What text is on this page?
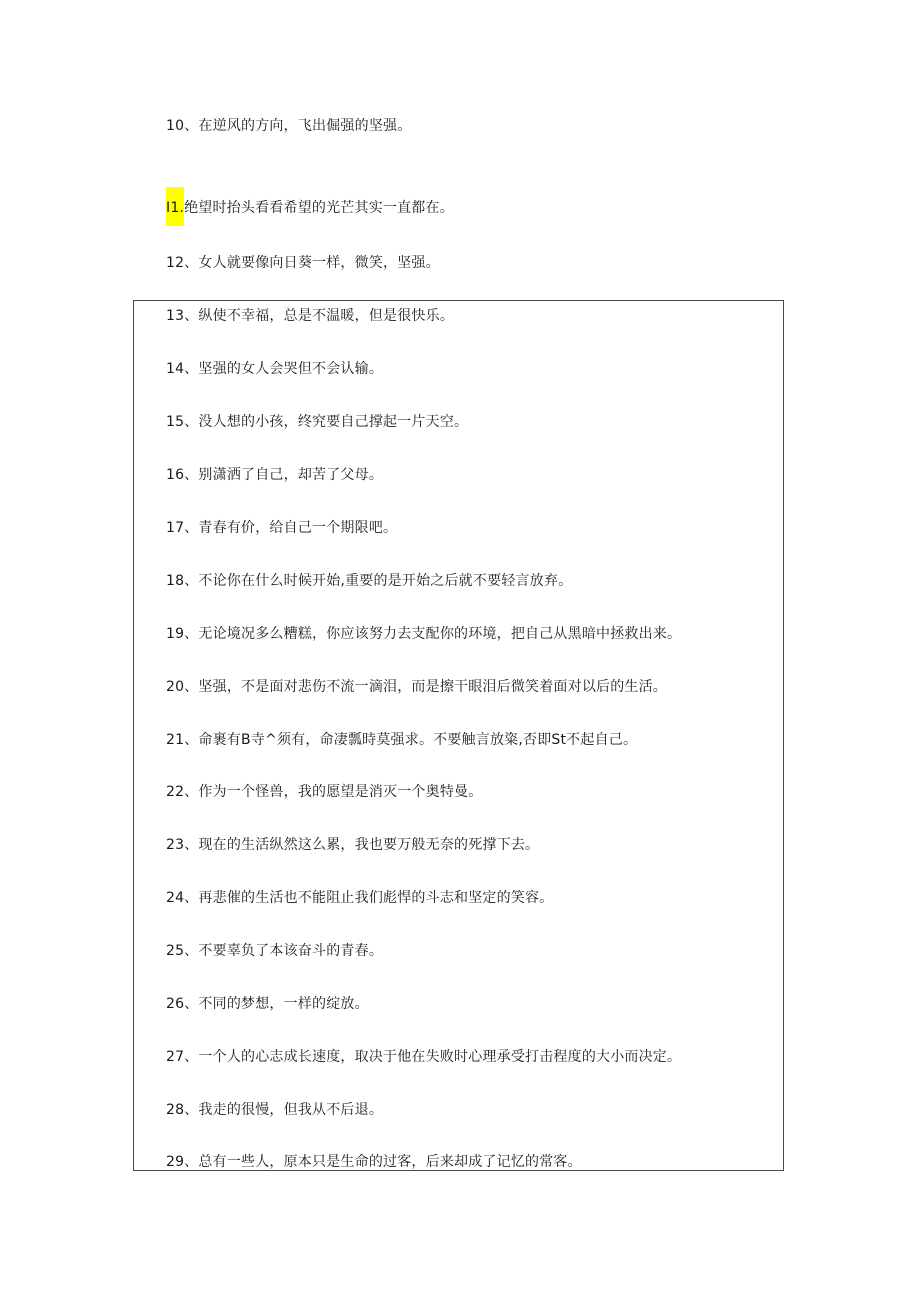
10、在逆风的方向，飞出倔强的坚强。
I1.绝望时抬头看看希望的光芒其实一直都在。
12、女人就要像向日葵一样，微笑，坚强。
13、纵使不幸福，总是不温暖，但是很快乐。
14、坚强的女人会哭但不会认输。
15、没人想的小孩，终究要自己撑起一片天空。
16、别潇洒了自己，却苦了父母。
17、青春有价，给自己一个期限吧。
18、不论你在什么时候开始,重要的是开始之后就不要轻言放弃。
19、无论境况多么糟糕，你应该努力去支配你的环境，把自己从黑暗中拯救出来。
20、坚强，不是面对悲伤不流一滴泪，而是擦干眼泪后微笑着面对以后的生活。
21、命裹有B寺^须有，命凄瓢時莫强求。不要触言放粢,否即St不起自己。
22、作为一个怪兽，我的愿望是消灭一个奥特曼。
23、现在的生活纵然这么累，我也要万般无奈的死撑下去。
24、再悲催的生活也不能阻止我们彪悍的斗志和坚定的笑容。
25、不要辜负了本该奋斗的青春。
26、不同的梦想，一样的绽放。
27、一个人的心志成长速度，取决于他在失败时心理承受打击程度的大小而决定。
28、我走的很慢，但我从不后退。
29、总有一些人，原本只是生命的过客，后来却成了记忆的常客。
